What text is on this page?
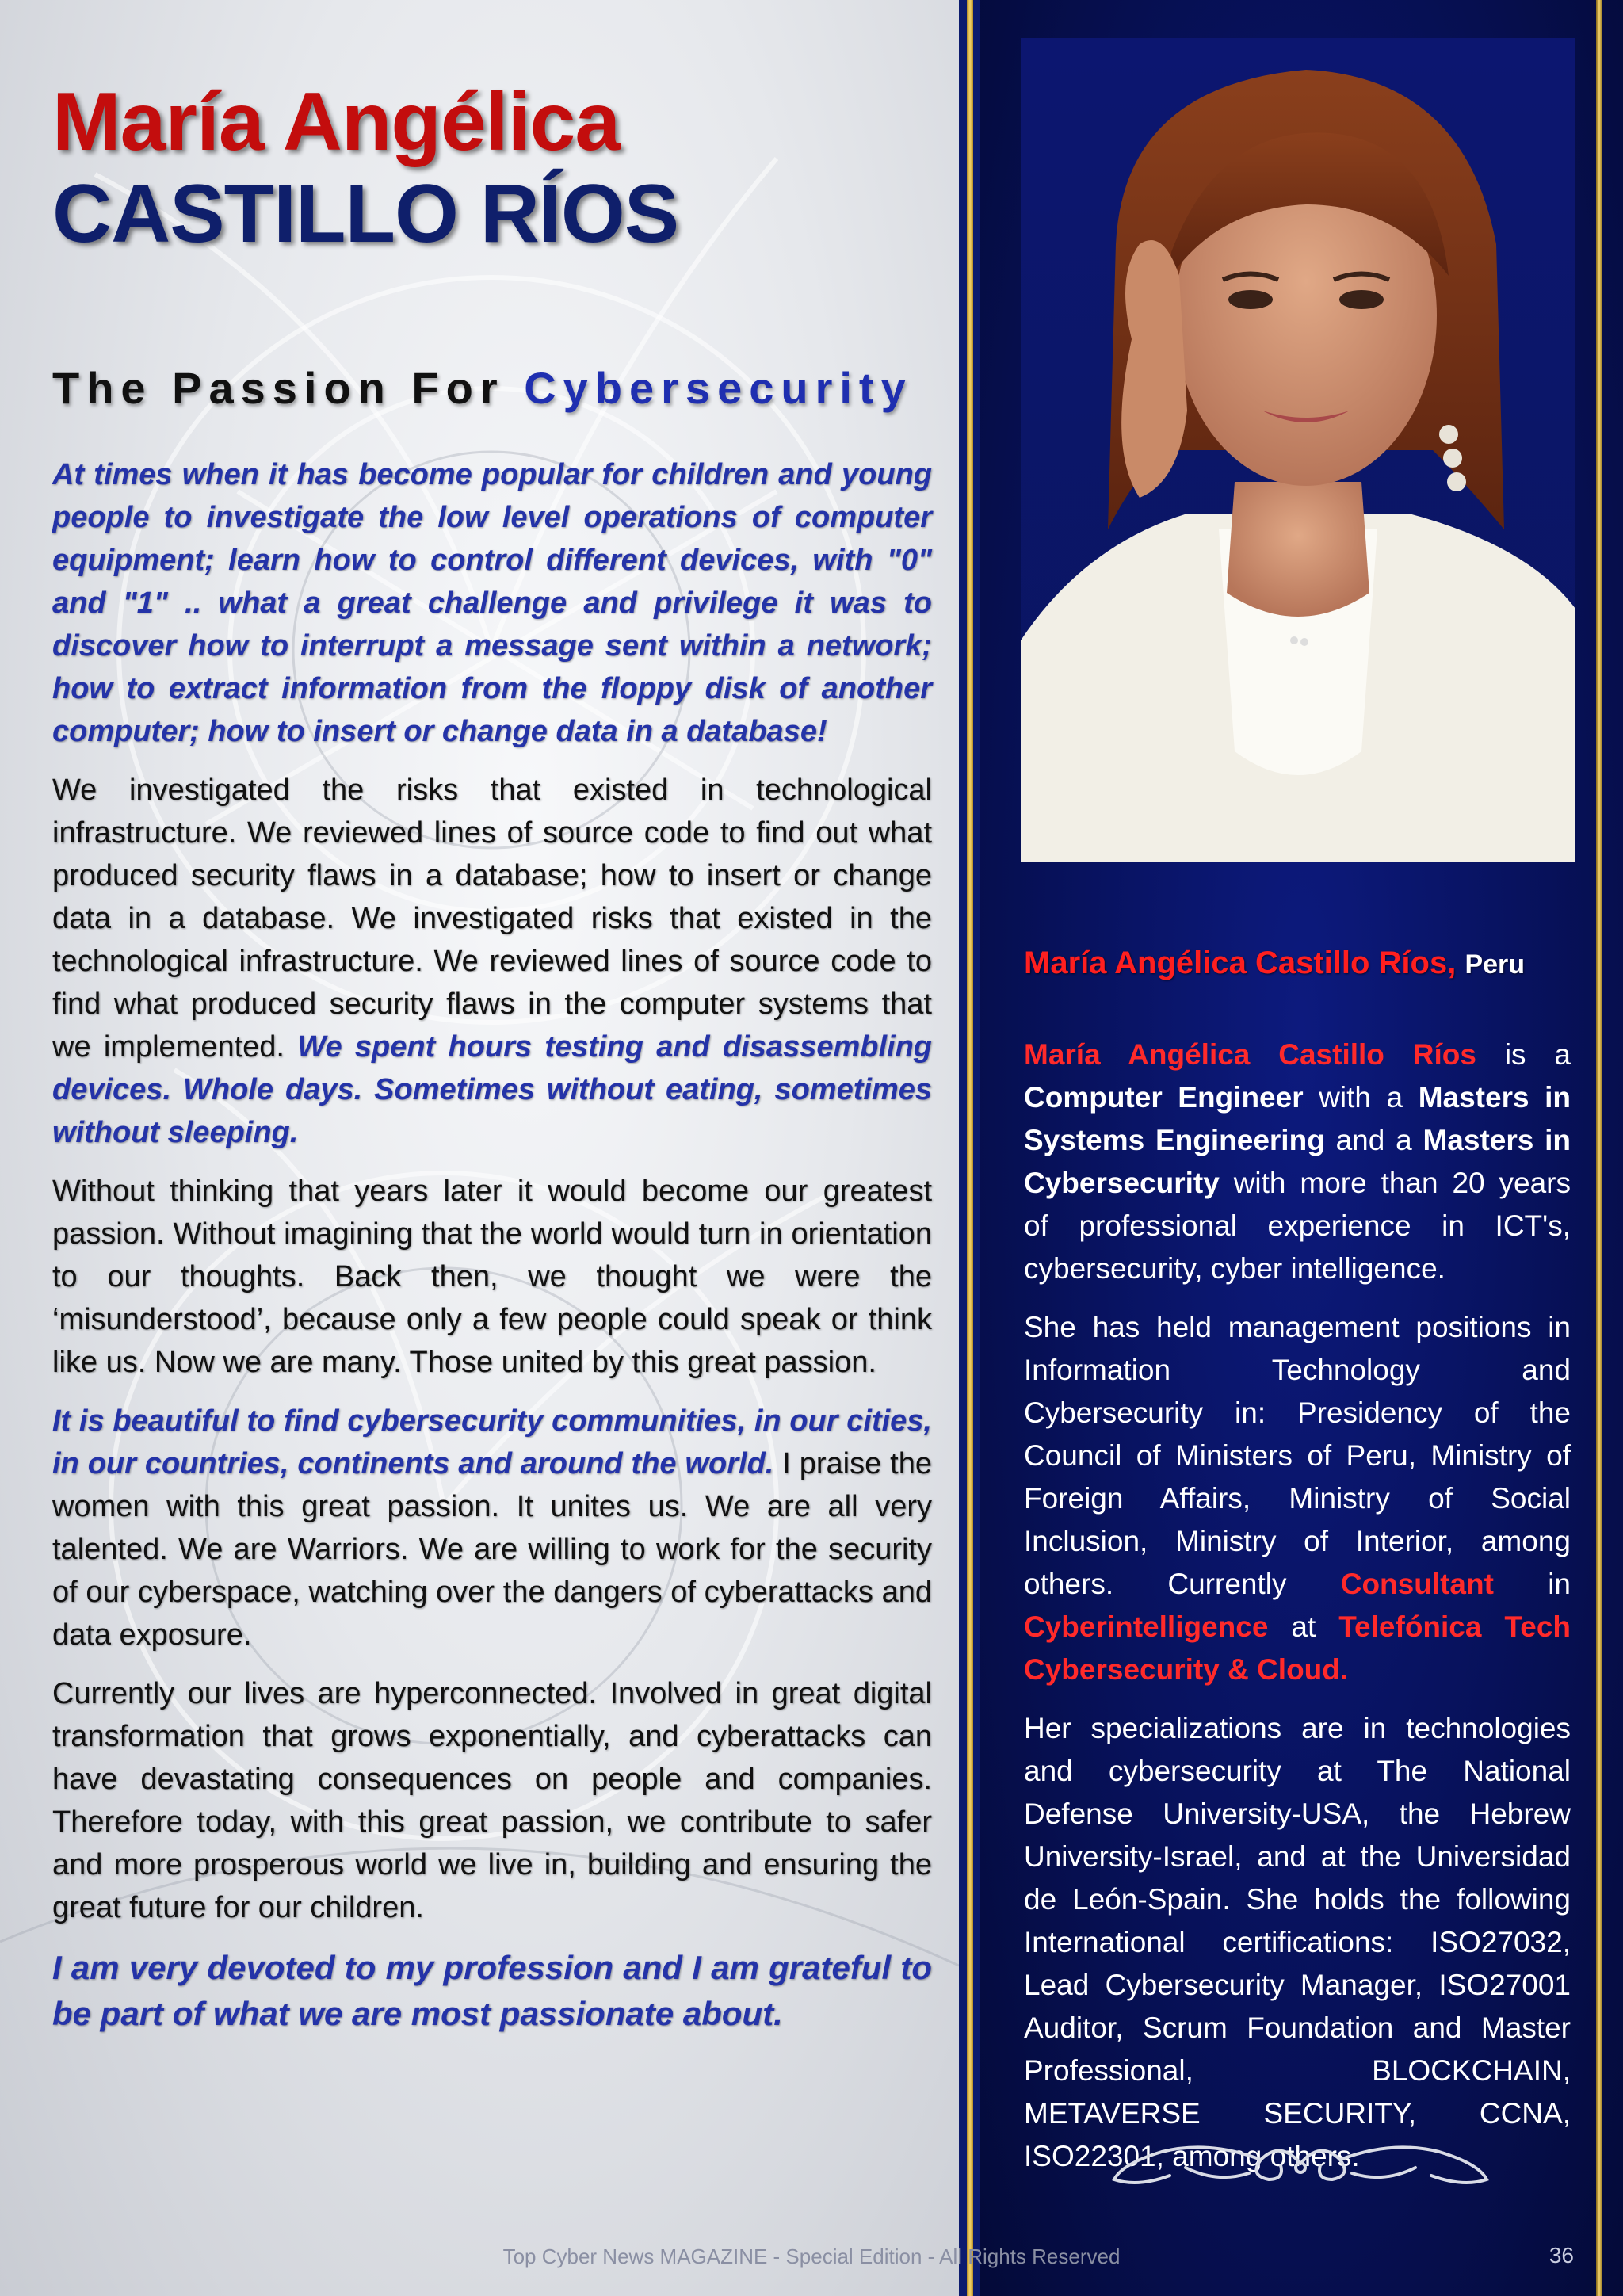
María Angélica
CASTILLO RÍOS
The Passion For Cybersecurity

At times when it has become popular for children and young people to investigate the low level operations of computer equipment; learn how to control different devices, with "0" and "1" .. what a great challenge and privilege it was to discover how to interrupt a message sent within a network; how to extract information from the floppy disk of another computer; how to insert or change data in a database!

We investigated the risks that existed in technological infrastructure. We reviewed lines of source code to find out what produced security flaws in a database; how to insert or change data in a database. We investigated risks that existed in the technological infrastructure. We reviewed lines of source code to find what produced security flaws in the computer systems that we implemented. We spent hours testing and disassembling devices. Whole days. Sometimes without eating, sometimes without sleeping.

Without thinking that years later it would become our greatest passion. Without imagining that the world would turn in orientation to our thoughts. Back then, we thought we were the ‘misunderstood’, because only a few people could speak or think like us. Now we are many. Those united by this great passion.

It is beautiful to find cybersecurity communities, in our cities, in our countries, continents and around the world. I praise the women with this great passion. It unites us. We are all very talented. We are Warriors. We are willing to work for the security of our cyberspace, watching over the dangers of cyberattacks and data exposure.

Currently our lives are hyperconnected. Involved in great digital transformation that grows exponentially, and cyberattacks can have devastating consequences on people and companies. Therefore today, with this great passion, we contribute to safer and more prosperous world we live in, building and ensuring the great future for our children.

I am very devoted to my profession and I am grateful to be part of what we are most passionate about.

María Angélica Castillo Ríos, Peru

María Angélica Castillo Ríos is a Computer Engineer with a Masters in Systems Engineering and a Masters in Cybersecurity with more than 20 years of professional experience in ICT's, cybersecurity, cyber intelligence.

She has held management positions in Information Technology and Cybersecurity in: Presidency of the Council of Ministers of Peru, Ministry of Foreign Affairs, Ministry of Social Inclusion, Ministry of Interior, among others. Currently Consultant in Cyberintelligence at Telefónica Tech Cybersecurity & Cloud.

Her specializations are in technologies and cybersecurity at The National Defense University-USA, the Hebrew University-Israel, and at the Universidad de León-Spain. She holds the following International certifications: ISO27032, Lead Cybersecurity Manager, ISO27001 Auditor, Scrum Foundation and Master Professional, BLOCKCHAIN, METAVERSE SECURITY, CCNA, ISO22301, among others.

Top Cyber News MAGAZINE - Special Edition - All Rights Reserved	36
